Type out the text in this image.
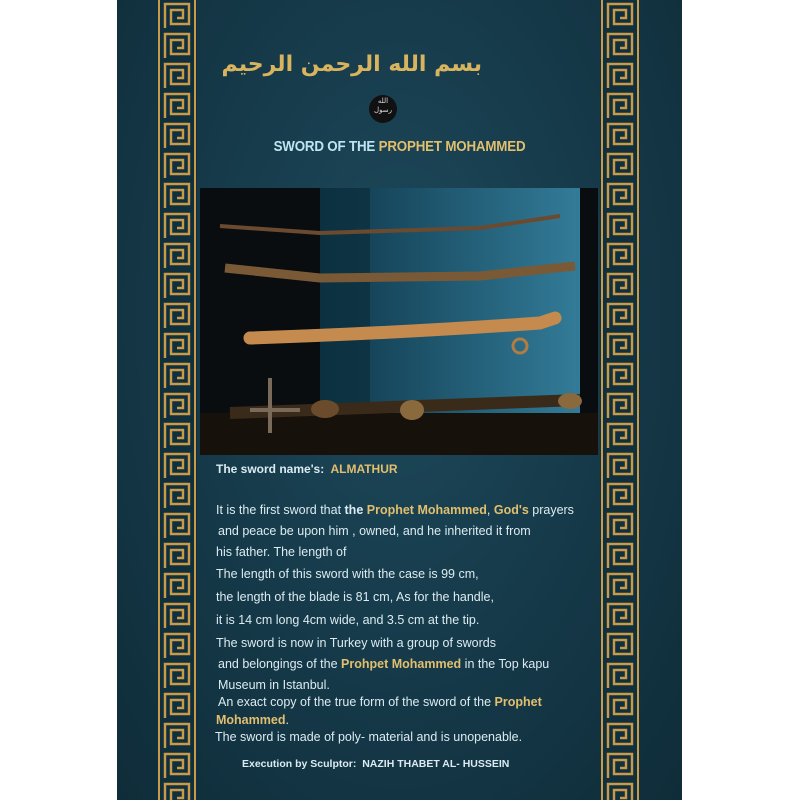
بسم الله الرحمن الرحيم
الله
رسول
SWORD OF THE PROPHET MOHAMMED
The sword name's: ALMATHUR
It is the first sword that the Prophet Mohammed, God's prayers
and peace be upon him , owned, and he inherited it from
his father. The length of
The length of this sword with the case is 99 cm,
the length of the blade is 81 cm, As for the handle,
it is 14 cm long 4cm wide, and 3.5 cm at the tip.
The sword is now in Turkey with a group of swords
and belongings of the Prohpet Mohammed in the Top kapu
Museum in Istanbul.
An exact copy of the true form of the sword of the Prophet
Mohammed.
The sword is made of poly- material and is unopenable.
Execution by Sculptor: NAZIH THABET AL- HUSSEIN
